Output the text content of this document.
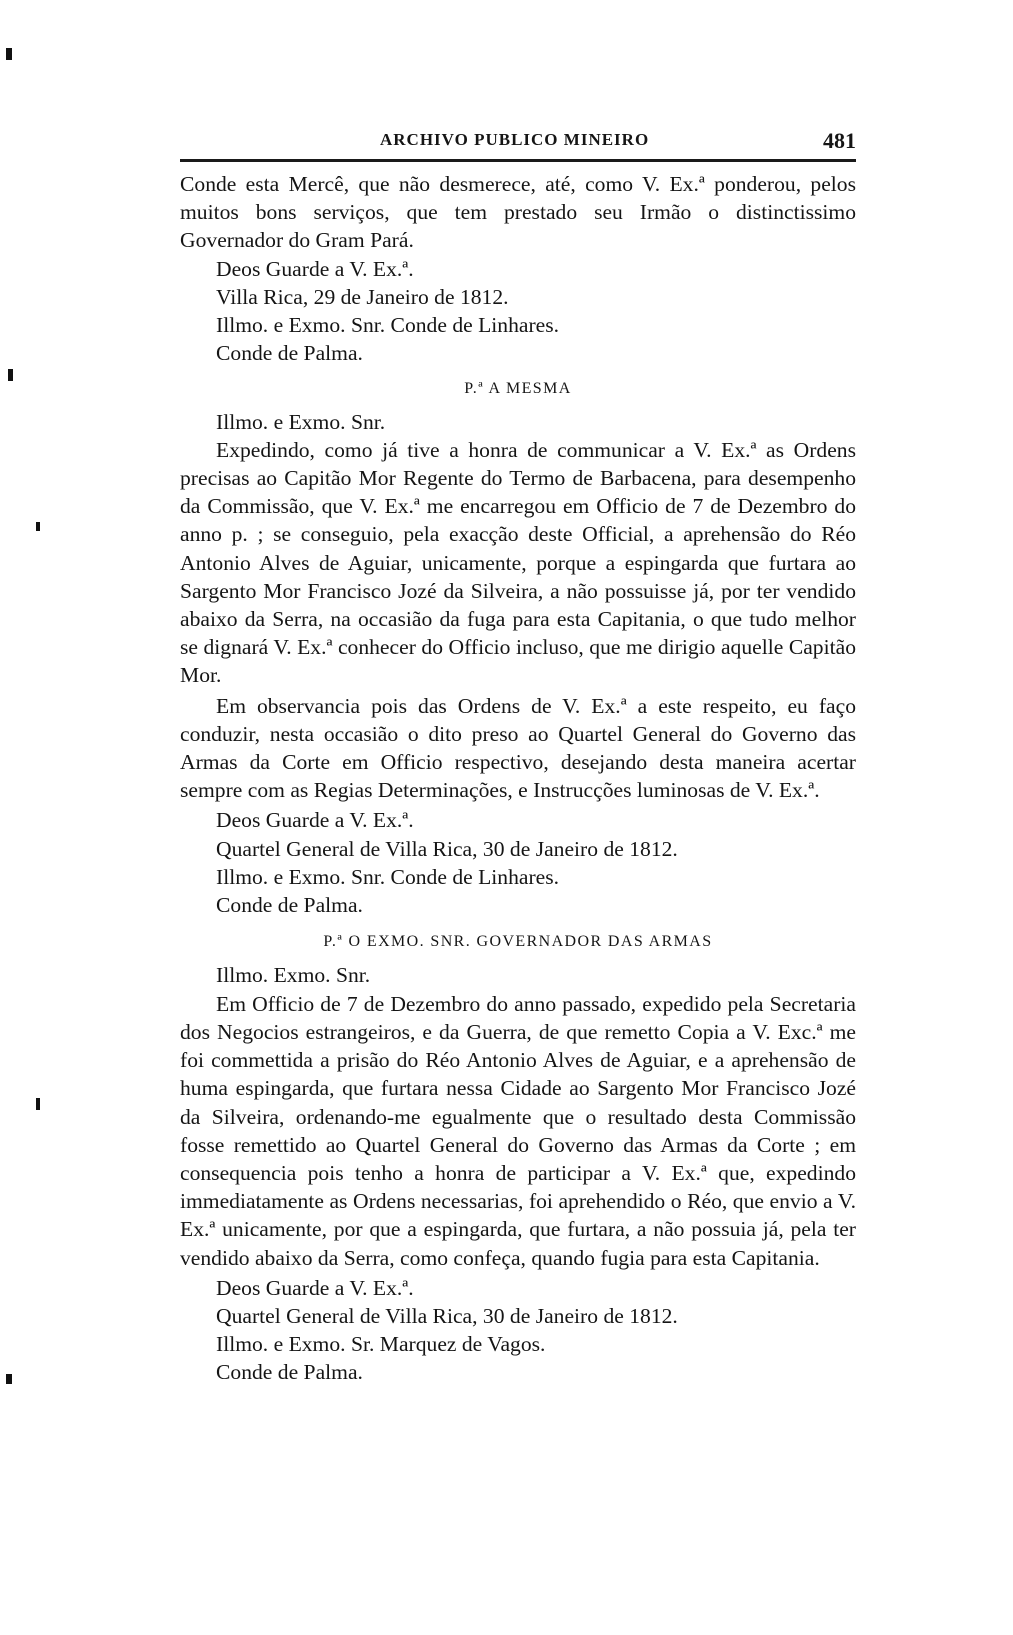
ARCHIVO PUBLICO MINEIRO	481

Conde esta Mercê, que não desmerece, até, como V. Ex.ª ponderou, pelos muitos bons serviços, que tem prestado seu Irmão o distinctissimo Governador do Gram Pará.

Deos Guarde a V. Ex.ª.

Villa Rica, 29 de Janeiro de 1812.

Illmo. e Exmo. Snr. Conde de Linhares.

Conde de Palma.

P.ª A MESMA

Illmo. e Exmo. Snr.

Expedindo, como já tive a honra de communicar a V. Ex.ª as Ordens precisas ao Capitão Mor Regente do Termo de Barbacena, para desempenho da Commissão, que V. Ex.ª me encarregou em Officio de 7 de Dezembro do anno p. ; se conseguio, pela exacção deste Official, a aprehensão do Réo Antonio Alves de Aguiar, unicamente, porque a espingarda que furtara ao Sargento Mor Francisco Jozé da Silveira, a não possuisse já, por ter vendido abaixo da Serra, na occasião da fuga para esta Capitania, o que tudo melhor se dignará V. Ex.ª conhecer do Officio incluso, que me dirigio aquelle Capitão Mor.

Em observancia pois das Ordens de V. Ex.ª a este respeito, eu faço conduzir, nesta occasião o dito preso ao Quartel General do Governo das Armas da Corte em Officio respectivo, desejando desta maneira acertar sempre com as Regias Determinações, e Instrucções luminosas de V. Ex.ª.

Deos Guarde a V. Ex.ª.

Quartel General de Villa Rica, 30 de Janeiro de 1812.

Illmo. e Exmo. Snr. Conde de Linhares.

Conde de Palma.

P.ª O EXMO. SNR. GOVERNADOR DAS ARMAS

Illmo. Exmo. Snr.

Em Officio de 7 de Dezembro do anno passado, expedido pela Secretaria dos Negocios estrangeiros, e da Guerra, de que remetto Copia a V. Exc.ª me foi commettida a prisão do Réo Antonio Alves de Aguiar, e a aprehensão de huma espingarda, que furtara nessa Cidade ao Sargento Mor Francisco Jozé da Silveira, ordenando-me egualmente que o resultado desta Commissão fosse remettido ao Quartel General do Governo das Armas da Corte ; em consequencia pois tenho a honra de participar a V. Ex.ª que, expedindo immediatamente as Ordens necessarias, foi aprehendido o Réo, que envio a V. Ex.ª unicamente, por que a espingarda, que furtara, a não possuia já, pela ter vendido abaixo da Serra, como confeça, quando fugia para esta Capitania.

Deos Guarde a V. Ex.ª.

Quartel General de Villa Rica, 30 de Janeiro de 1812.

Illmo. e Exmo. Sr. Marquez de Vagos.

Conde de Palma.
